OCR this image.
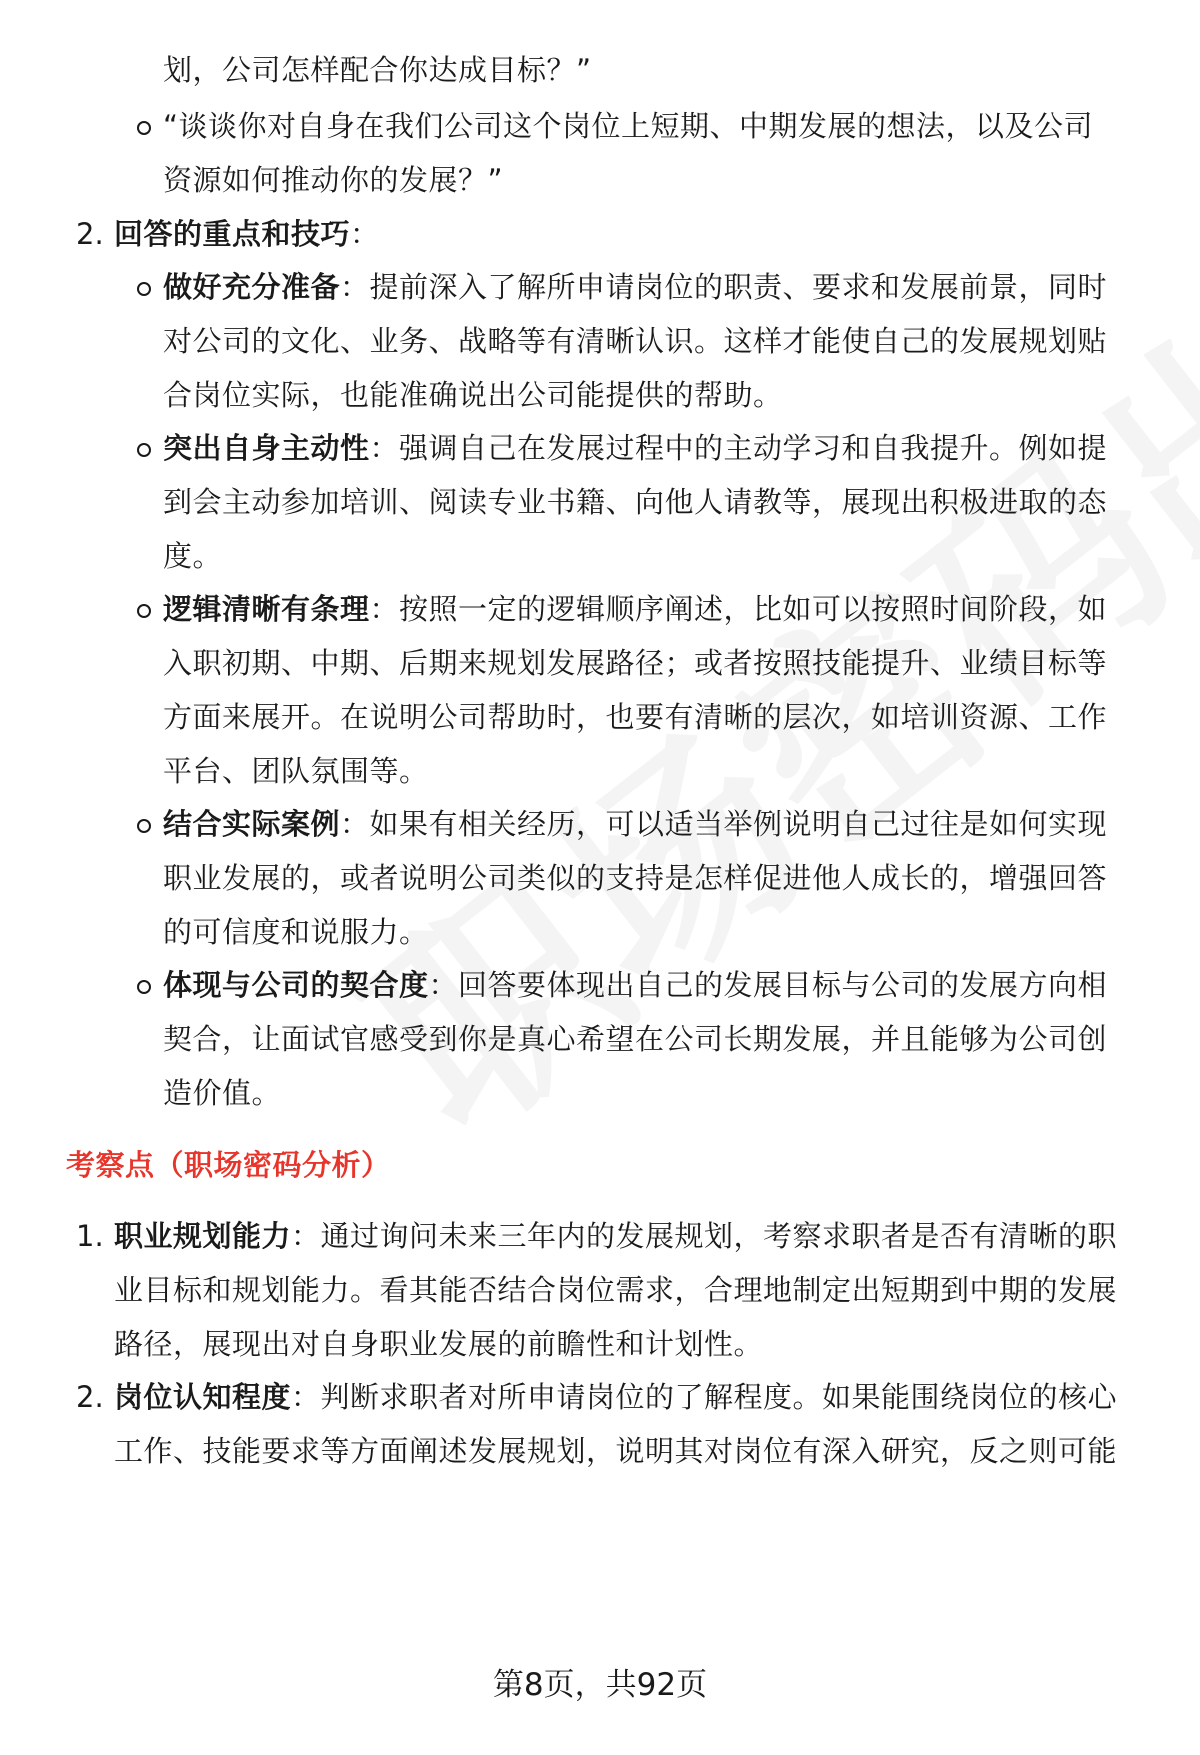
划，公司怎样配合你达成目标？”
“谈谈你对自身在我们公司这个岗位上短期、中期发展的想法，以及公司
资源如何推动你的发展？”
2. 回答的重点和技巧：
做好充分准备：提前深入了解所申请岗位的职责、要求和发展前景，同时
对公司的文化、业务、战略等有清晰认识。这样才能使自己的发展规划贴
合岗位实际，也能准确说出公司能提供的帮助。
突出自身主动性：强调自己在发展过程中的主动学习和自我提升。例如提
到会主动参加培训、阅读专业书籍、向他人请教等，展现出积极进取的态
度。
逻辑清晰有条理：按照一定的逻辑顺序阐述，比如可以按照时间阶段，如
入职初期、中期、后期来规划发展路径；或者按照技能提升、业绩目标等
方面来展开。在说明公司帮助时，也要有清晰的层次，如培训资源、工作
平台、团队氛围等。
结合实际案例：如果有相关经历，可以适当举例说明自己过往是如何实现
职业发展的，或者说明公司类似的支持是怎样促进他人成长的，增强回答
的可信度和说服力。
体现与公司的契合度：回答要体现出自己的发展目标与公司的发展方向相
契合，让面试官感受到你是真心希望在公司长期发展，并且能够为公司创
造价值。
考察点（职场密码分析）
1. 职业规划能力：通过询问未来三年内的发展规划，考察求职者是否有清晰的职
业目标和规划能力。看其能否结合岗位需求，合理地制定出短期到中期的发展
路径，展现出对自身职业发展的前瞻性和计划性。
2. 岗位认知程度：判断求职者对所申请岗位的了解程度。如果能围绕岗位的核心
工作、技能要求等方面阐述发展规划，说明其对岗位有深入研究，反之则可能
第8页，共92页
